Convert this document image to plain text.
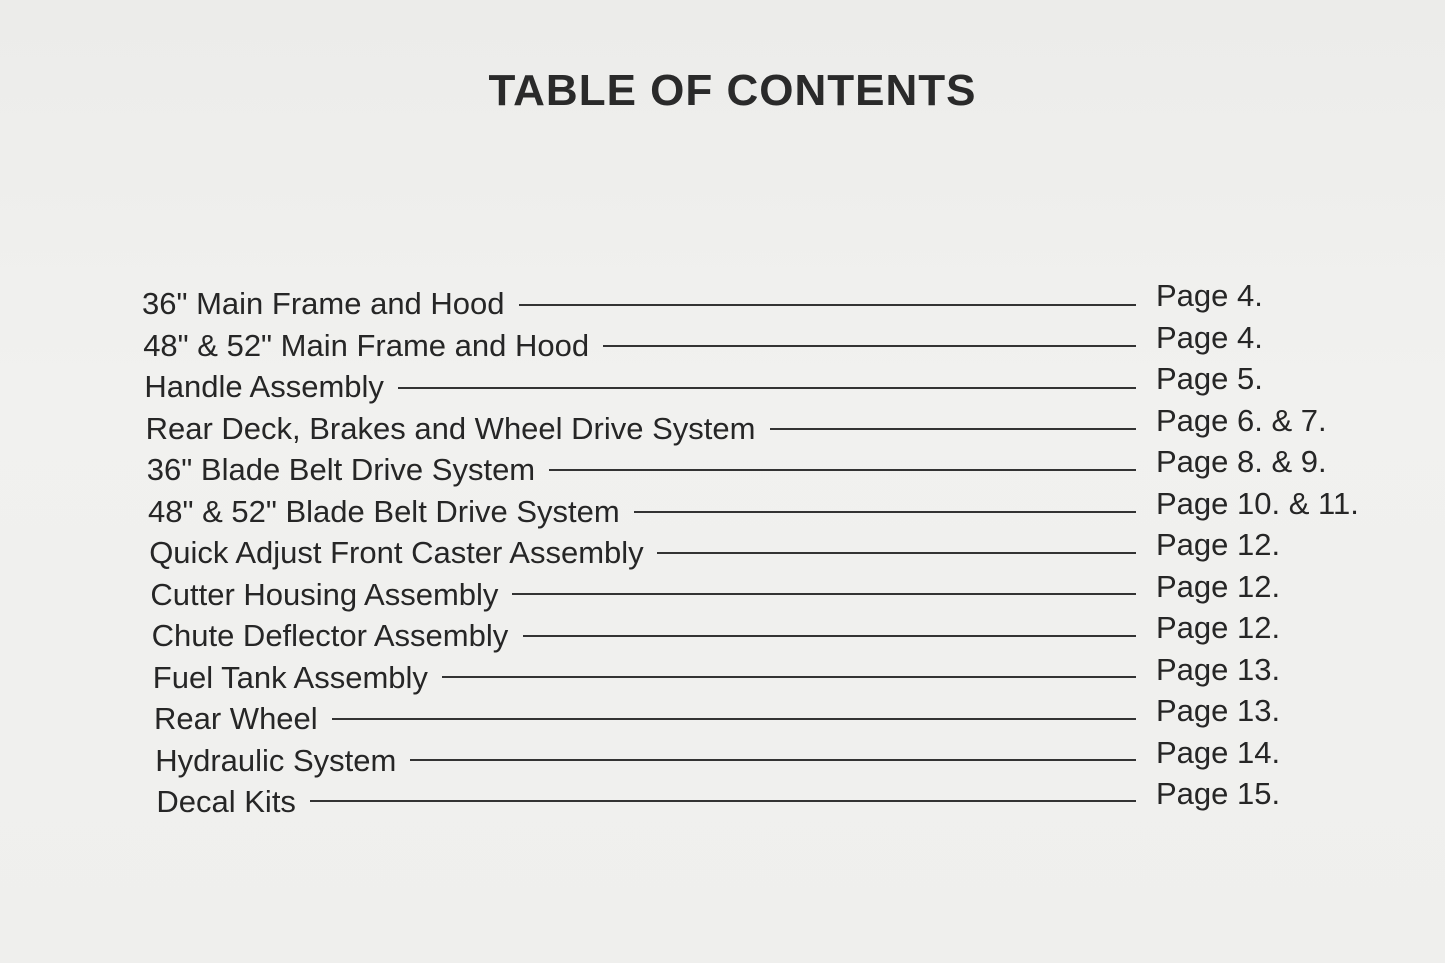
TABLE OF CONTENTS
36" Main Frame and Hood	Page 4.
48" & 52" Main Frame and Hood	Page 4.
Handle Assembly	Page 5.
Rear Deck, Brakes and Wheel Drive System	Page 6. & 7.
36" Blade Belt Drive System	Page 8. & 9.
48" & 52" Blade Belt Drive System	Page 10. & 11.
Quick Adjust Front Caster Assembly	Page 12.
Cutter Housing Assembly	Page 12.
Chute Deflector Assembly	Page 12.
Fuel Tank Assembly	Page 13.
Rear Wheel	Page 13.
Hydraulic System	Page 14.
Decal Kits	Page 15.
